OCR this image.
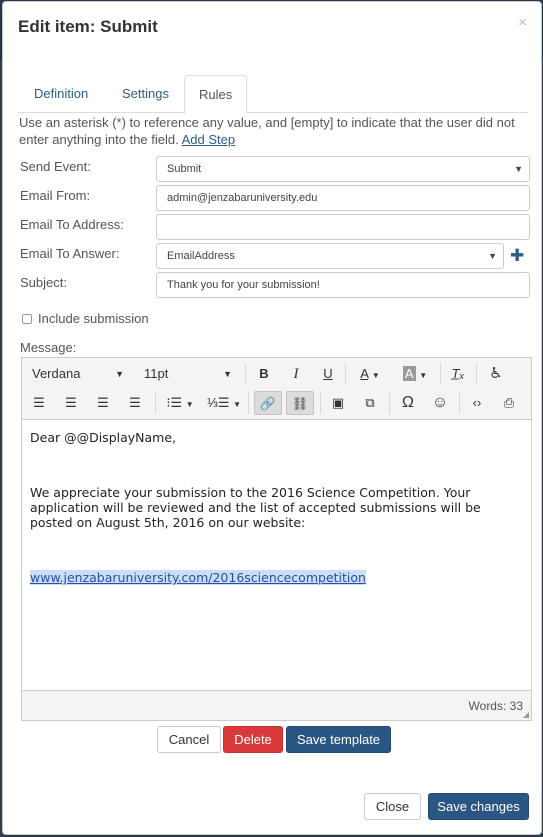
Edit item: Submit	×
Definition	Settings	Rules
Use an asterisk (*) to reference any value, and [empty] to indicate that the user did not enter anything into the field. Add Step
Send Event:	Submit	▼
Email From:	admin@jenzabaruniversity.edu
Email To Address:
Email To Answer:	EmailAddress	▼ ✚
Subject:	Thank you for your submission!
Include submission
Message:
Verdana	▼	11pt	▼	B	I	U	A ▼	A ▼	T̲ₓ	♿
☰	☰	☰	☰	⁝☰ ▼	⅓☰ ▼	🔗	⛓	▣	⧉	Ω	☺	‹›	⎙

Dear @@DisplayName,

We appreciate your submission to the 2016 Science Competition. Your application will be reviewed and the list of accepted submissions will be posted on August 5th, 2016 on our website:

www.jenzabaruniversity.com/2016sciencecompetition

Words: 33
◢
Cancel	Delete	Save template
Close	Save changes
